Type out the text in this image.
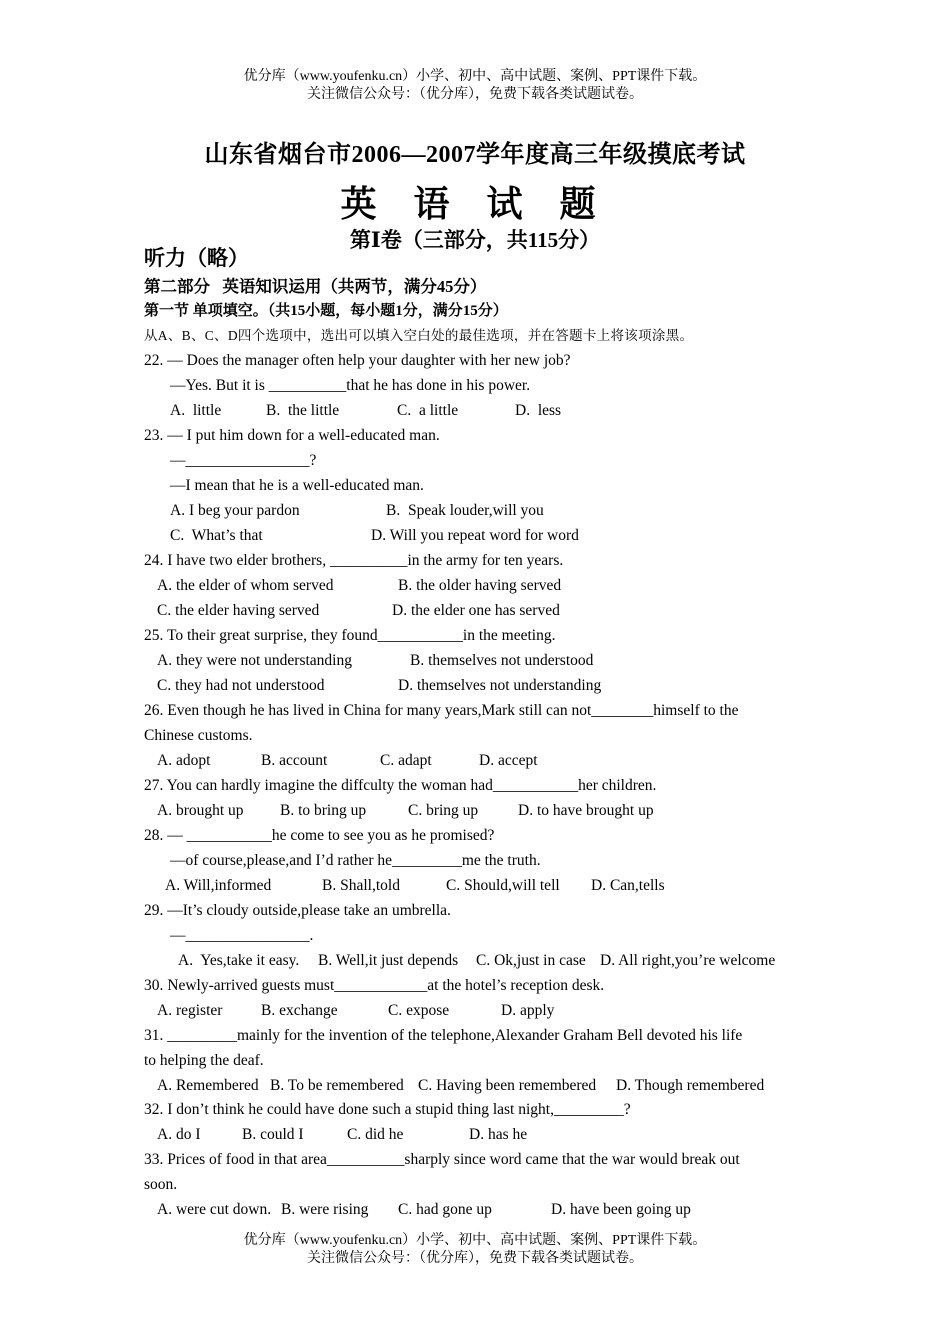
优分库（www.youfenku.cn）小学、初中、高中试题、案例、PPT课件下载。
关注微信公众号：（优分库），免费下载各类试题试卷。
山东省烟台市2006—2007学年度高三年级摸底考试
英 语 试 题
第Ⅰ卷（三部分，共115分）
听力（略）
第二部分   英语知识运用（共两节，满分45分）
第一节 单项填空。（共15小题，每小题1分，满分15分）
从A、B、C、D四个选项中，选出可以填入空白处的最佳选项，并在答题卡上将该项涂黑。
22. — Does the manager often help your daughter with her new job?
—Yes. But it is __________that he has done in his power.
A.  little	B.  the little	C.  a little	D.  less
23. — I put him down for a well-educated man.
—________________?
—I mean that he is a well-educated man.
A. I beg your pardon	B.  Speak louder,will you
C.  What’s that	D. Will you repeat word for word
24. I have two elder brothers, __________in the army for ten years.
A. the elder of whom served	B. the older having served
C. the elder having served	D. the elder one has served
25. To their great surprise, they found___________in the meeting.
A. they were not understanding	B. themselves not understood
C. they had not understood	D. themselves not understanding
26. Even though he has lived in China for many years,Mark still can not________himself to the
Chinese customs.
A. adopt	B. account	C. adapt	D. accept
27. You can hardly imagine the diffculty the woman had___________her children.
A. brought up B. to bring up	C. bring up	D. to have brought up
28. — ___________he come to see you as he promised?
—of course,please,and I’d rather he_________me the truth.
A. Will,informed	B. Shall,told	C. Should,will tell D. Can,tells
29. —It’s cloudy outside,please take an umbrella.
—________________.
A.  Yes,take it easy. B. Well,it just depends C. Ok,just in case D. All right,you’re welcome
30. Newly-arrived guests must____________at the hotel’s reception desk.
A. register B. exchange	C. expose	D. apply
31. _________mainly for the invention of the telephone,Alexander Graham Bell devoted his life
to helping the deaf.
A. Remembered B. To be remembered C. Having been remembered D. Though remembered
32. I don’t think he could have done such a stupid thing last night,_________?
A. do I	B. could I	C. did he	D. has he
33. Prices of food in that area__________sharply since word came that the war would break out
soon.
A. were cut down. B. were rising C. had gone up	D. have been going up
优分库（www.youfenku.cn）小学、初中、高中试题、案例、PPT课件下载。
关注微信公众号：（优分库），免费下载各类试题试卷。
